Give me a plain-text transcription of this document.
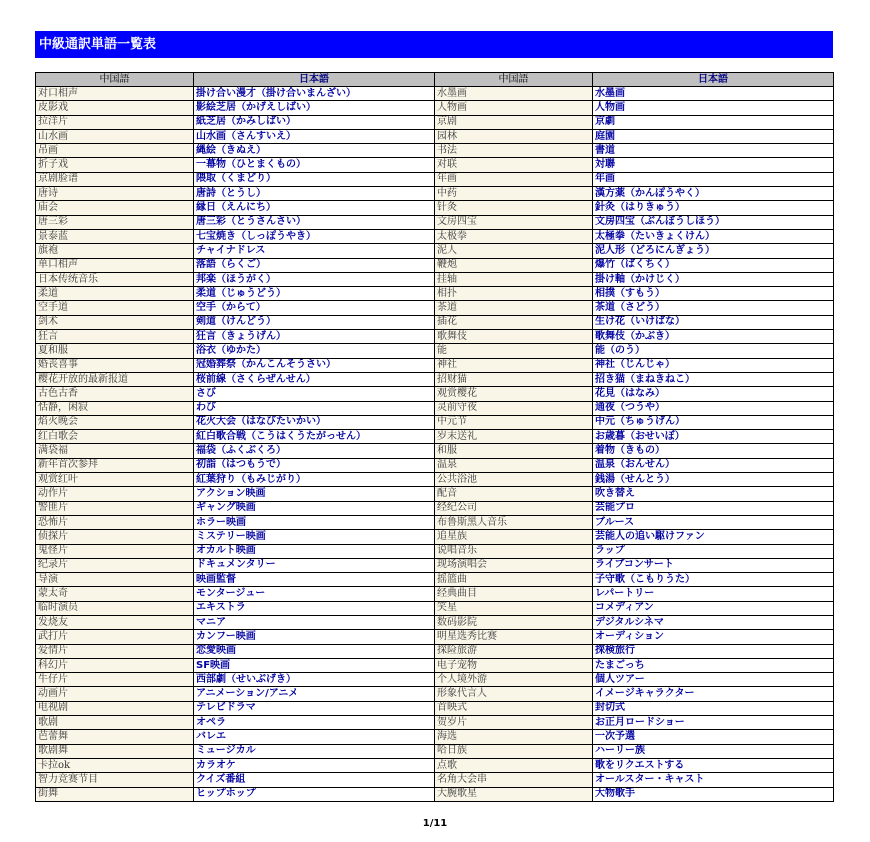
中級通訳単語一覧表
中国語	日本語	中国語	日本語
对口相声	掛け合い漫才（掛け合いまんざい）	水墨画	水墨画
皮影戏	影絵芝居（かげえしばい）	人物画	人物画
拉洋片	紙芝居（かみしばい）	京剧	京劇
山水画	山水画（さんすいえ）	园林	庭園
吊画	縄絵（きぬえ）	书法	書道
折子戏	一幕物（ひとまくもの）	对联	対聯
京剧脸谱	隈取（くまどり）	年画	年画
唐诗	唐詩（とうし）	中药	漢方薬（かんぽうやく）
庙会	縁日（えんにち）	针灸	針灸（はりきゅう）
唐三彩	唐三彩（とうさんさい）	文房四宝	文房四宝（ぶんぼうしほう）
景泰蓝	七宝焼き（しっぽうやき）	太极拳	太極拳（たいきょくけん）
旗袍	チャイナドレス	泥人	泥人形（どろにんぎょう）
单口相声	落語（らくご）	鞭炮	爆竹（ばくちく）
日本传统音乐	邦楽（ほうがく）	挂轴	掛け軸（かけじく）
柔道	柔道（じゅうどう）	相扑	相撲（すもう）
空手道	空手（からて）	茶道	茶道（さどう）
剑术	剣道（けんどう）	插花	生け花（いけばな）
狂言	狂言（きょうげん）	歌舞伎	歌舞伎（かぶき）
夏和服	浴衣（ゆかた）	能	能（のう）
婚丧喜事	冠婚葬祭（かんこんそうさい）	神社	神社（じんじゃ）
樱花开放的最新报道	桜前線（さくらぜんせん）	招财猫	招き猫（まねきねこ）
古色古香	さび	观赏樱花	花見（はなみ）
恬静，闲寂	わび	灵前守夜	通夜（つうや）
焰火晚会	花火大会（はなびたいかい）	中元节	中元（ちゅうげん）
红白歌会	紅白歌合戦（こうはくうたがっせん）	岁末送礼	お歳暮（おせいぼ）
满袋福	福袋（ふくぶくろ）	和服	着物（きもの）
新年首次参拜	初詣（はつもうで）	温泉	温泉（おんせん）
观赏红叶	紅葉狩り（もみじがり）	公共浴池	銭湯（せんとう）
动作片	アクション映画	配音	吹き替え
警匪片	ギャング映画	经纪公司	芸能プロ
恐怖片	ホラー映画	布鲁斯黑人音乐	ブルース
侦探片	ミステリー映画	追星族	芸能人の追い駆けファン
鬼怪片	オカルト映画	说唱音乐	ラップ
纪录片	ドキュメンタリー	现场演唱会	ライブコンサート
导演	映画監督	摇篮曲	子守歌（こもりうた）
蒙太奇	モンタージュー	经典曲目	レパートリー
临时演员	エキストラ	笑星	コメディアン
发烧友	マニア	数码影院	デジタルシネマ
武打片	カンフー映画	明星选秀比赛	オーディション
爱情片	恋愛映画	探险旅游	探検旅行
科幻片	SF映画	电子宠物	たまごっち
牛仔片	西部劇（せいぶげき）	个人境外游	個人ツアー
动画片	アニメーション/アニメ	形象代言人	イメージキャラクター
电视剧	テレビドラマ	首映式	封切式
歌剧	オペラ	贺岁片	お正月ロードショー
芭蕾舞	バレエ	海选	一次予選
歌剧舞	ミュージカル	哈日族	ハーリー族
卡拉ok	カラオケ	点歌	歌をリクエストする
智力竞赛节目	クイズ番組	名角大会串	オールスター・キャスト
街舞	ヒップホップ	大腕歌星	大物歌手
1/11
